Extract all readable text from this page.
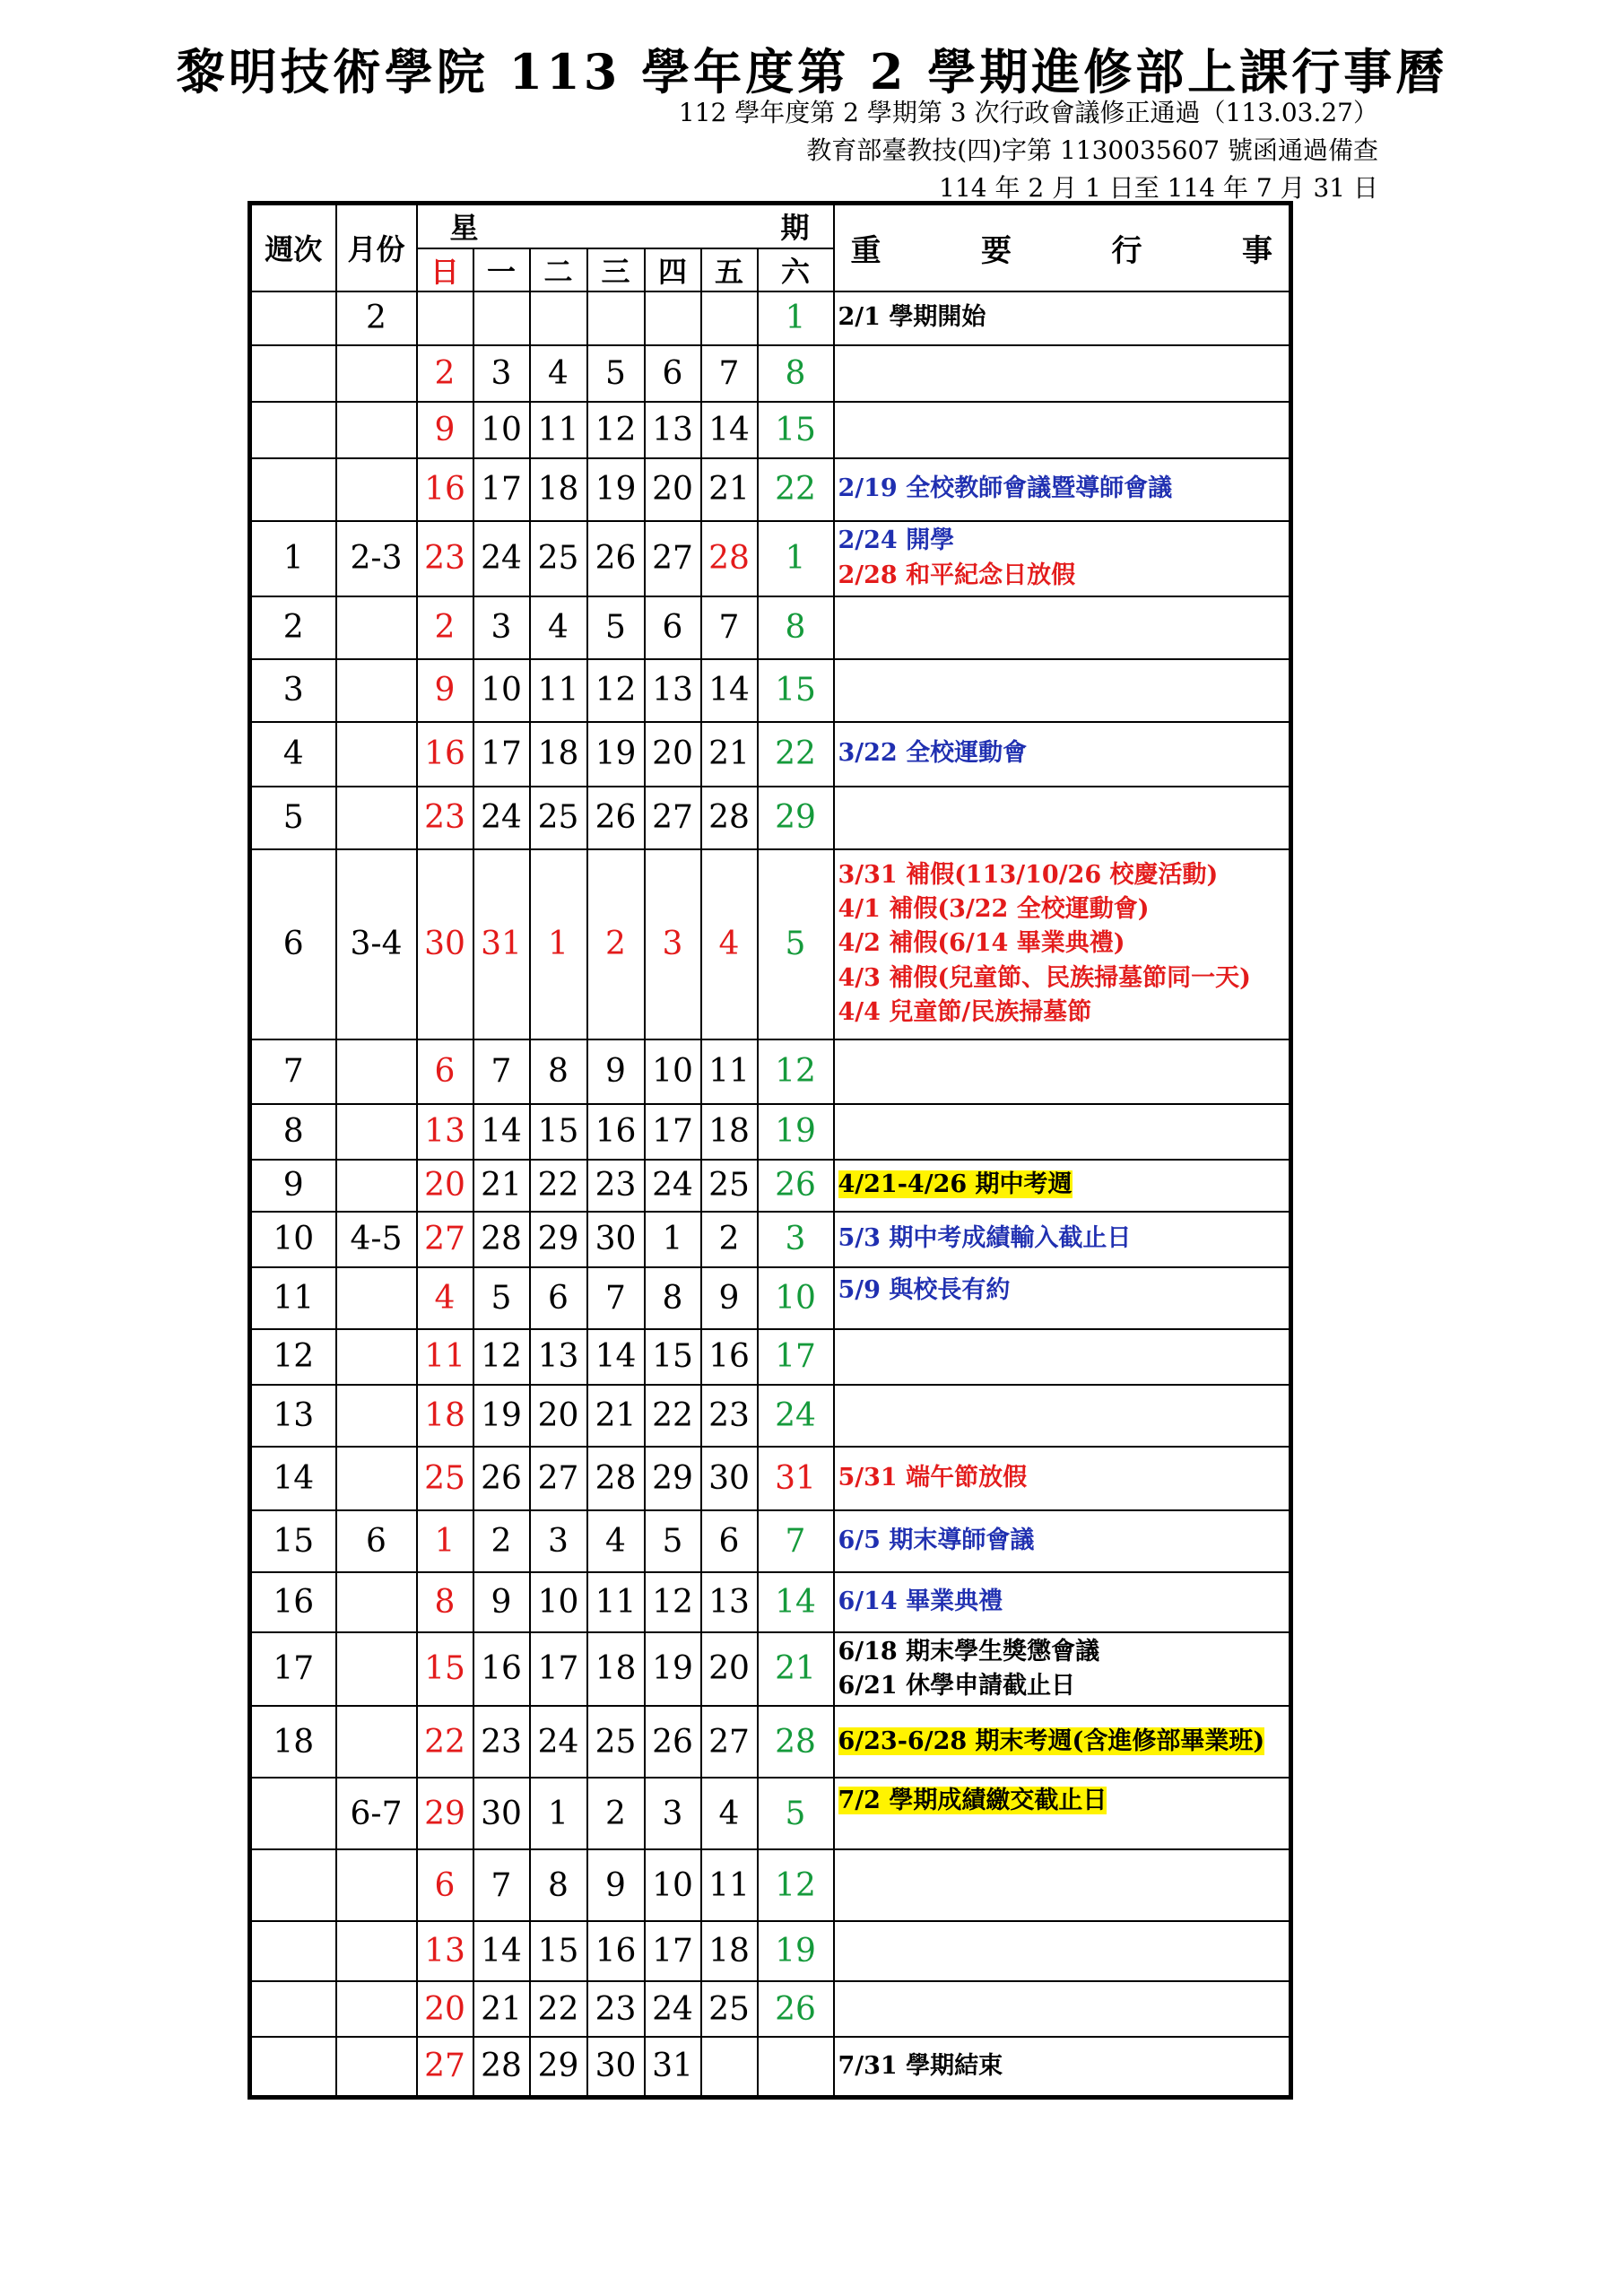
黎明技術學院 113 學年度第 2 學期進修部上課行事曆
112 學年度第 2 學期第 3 次行政會議修正通過（113.03.27）
教育部臺教技(四)字第 1130035607 號函通過備查
114 年 2 月 1 日至 114 年 7 月 31 日
週次	月份	星				期			重 要 行 事

		日	一	二	三	四	五	六	
	2							1	2/1 學期開始

		2	3	4	5	6	7	8	
		9	10	11	12	13	14	15	
		16	17	18	19	20	21	22	2/19 全校教師會議暨導師會議

1	2-3	23	24	25	26	27	28	1	2/24 開學
2/28 和平紀念日放假

2		2	3	4	5	6	7	8	
3		9	10	11	12	13	14	15	
4		16	17	18	19	20	21	22	3/22 全校運動會

5		23	24	25	26	27	28	29	
6	3-4	30	31	1	2	3	4	5	3/31 補假(113/10/26 校慶活動)
4/1 補假(3/22 全校運動會)
4/2 補假(6/14 畢業典禮)
4/3 補假(兒童節、民族掃墓節同一天)
4/4 兒童節/民族掃墓節

7		6	7	8	9	10	11	12	
8		13	14	15	16	17	18	19	
9		20	21	22	23	24	25	26	4/21-4/26 期中考週

10	4-5	27	28	29	30	1	2	3	5/3 期中考成績輸入截止日

11		4	5	6	7	8	9	10	5/9 與校長有約

12		11	12	13	14	15	16	17	
13		18	19	20	21	22	23	24	
14		25	26	27	28	29	30	31	5/31 端午節放假

15	6	1	2	3	4	5	6	7	6/5 期末導師會議

16		8	9	10	11	12	13	14	6/14 畢業典禮

17		15	16	17	18	19	20	21	6/18 期末學生獎懲會議
6/21 休學申請截止日

18		22	23	24	25	26	27	28	6/23-6/28 期末考週(含進修部畢業班)

	6-7	29	30	1	2	3	4	5	7/2 學期成績繳交截止日

		6	7	8	9	10	11	12	
		13	14	15	16	17	18	19	
		20	21	22	23	24	25	26	
		27	28	29	30	31			7/31 學期結束
